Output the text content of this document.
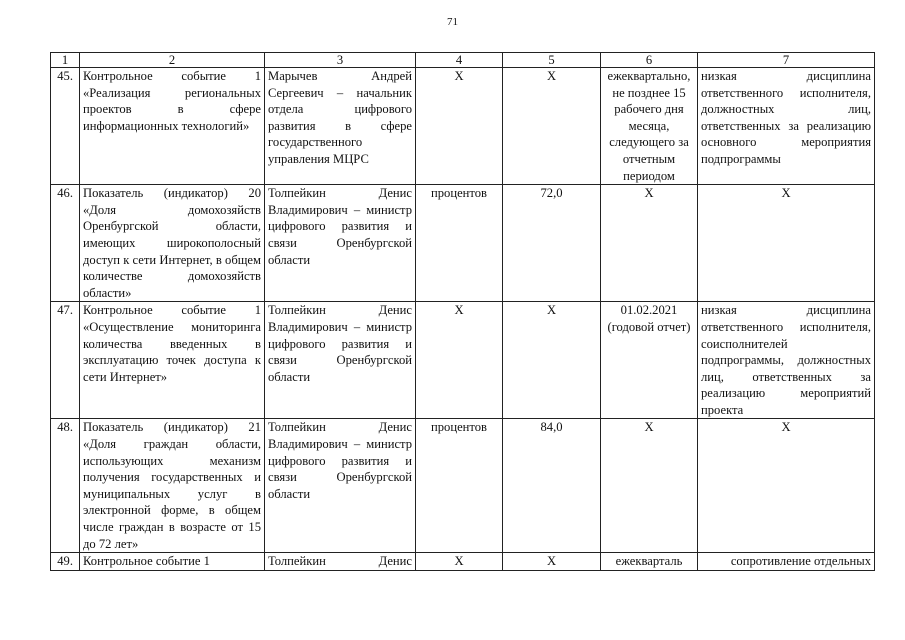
71
1	2	3	4	5	6	7
45.	Контрольное событие 1 «Реализация региональных проектов в сфере информационных технологий»	Марычев Андрей Сергеевич – начальник отдела цифрового развития в сфере государственного управления МЦРС	X	X	ежеквартально, не позднее 15 рабочего дня месяца, следующего за отчетным периодом	низкая дисциплина ответственного исполнителя, должностных лиц, ответственных за реализацию основного мероприятия подпрограммы
46.	Показатель (индикатор) 20 «Доля домохозяйств Оренбургской области, имеющих широкополосный доступ к сети Интернет, в общем количестве домохозяйств области»	Толпейкин Денис Владимирович – министр цифрового развития и связи Оренбургской области	процентов	72,0	X	X
47.	Контрольное событие 1 «Осуществление мониторинга количества введенных в эксплуатацию точек доступа к сети Интернет»	Толпейкин Денис Владимирович – министр цифрового развития и связи Оренбургской области	X	X	01.02.2021 (годовой отчет)	низкая дисциплина ответственного исполнителя, соисполнителей подпрограммы, должностных лиц, ответственных за реализацию мероприятий проекта
48.	Показатель (индикатор) 21 «Доля граждан области, использующих механизм получения государственных и муниципальных услуг в электронной форме, в общем числе граждан в возрасте от 15 до 72 лет»	Толпейкин Денис Владимирович – министр цифрового развития и связи Оренбургской области	процентов	84,0	X	X
49.	Контрольное событие 1	Толпейкин Денис	X	X	ежекварталь	сопротивление отдельных
